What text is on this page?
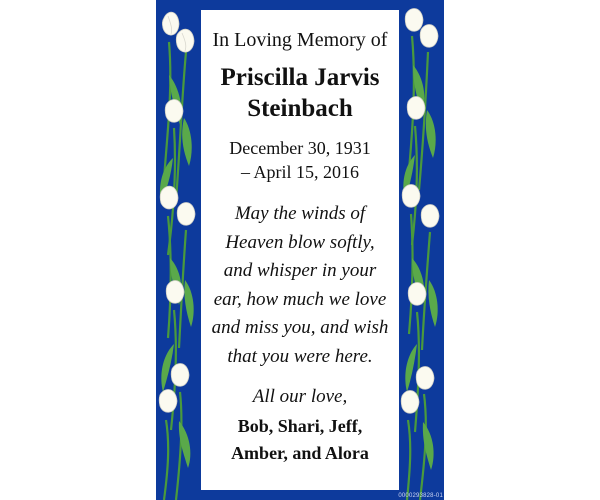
In Loving Memory of

Priscilla Jarvis

Steinbach

December 30, 1931
– April 15, 2016
May the winds of
Heaven blow softly,
and whisper in your
ear, how much we love
and miss you, and wish
that you were here.
All our love,
Bob, Shari, Jeff,
Amber, and Alora
0000293828-01
